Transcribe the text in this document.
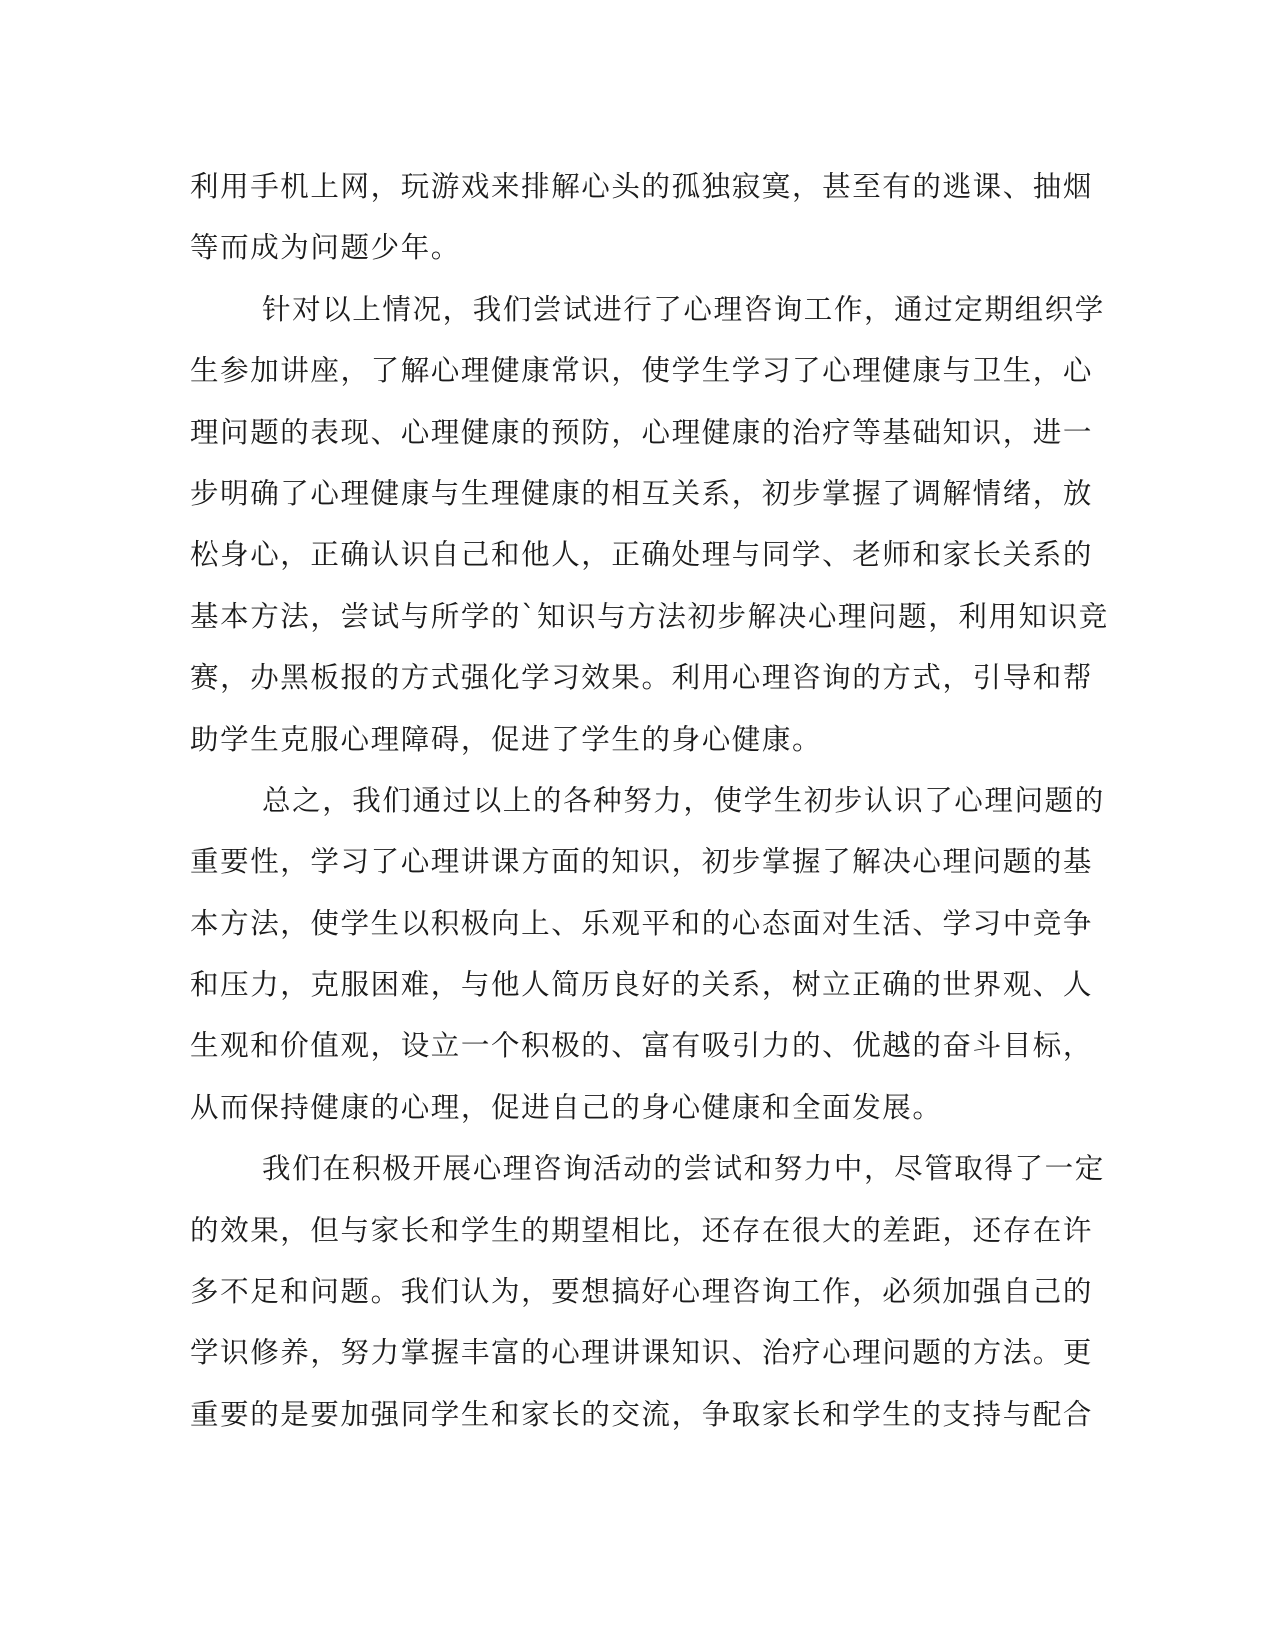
利用手机上网，玩游戏来排解心头的孤独寂寞，甚至有的逃课、抽烟
等而成为问题少年。
针对以上情况，我们尝试进行了心理咨询工作，通过定期组织学
生参加讲座，了解心理健康常识，使学生学习了心理健康与卫生，心
理问题的表现、心理健康的预防，心理健康的治疗等基础知识，进一
步明确了心理健康与生理健康的相互关系，初步掌握了调解情绪，放
松身心，正确认识自己和他人，正确处理与同学、老师和家长关系的
基本方法，尝试与所学的`知识与方法初步解决心理问题，利用知识竞
赛，办黑板报的方式强化学习效果。利用心理咨询的方式，引导和帮
助学生克服心理障碍，促进了学生的身心健康。
总之，我们通过以上的各种努力，使学生初步认识了心理问题的
重要性，学习了心理讲课方面的知识，初步掌握了解决心理问题的基
本方法，使学生以积极向上、乐观平和的心态面对生活、学习中竞争
和压力，克服困难，与他人简历良好的关系，树立正确的世界观、人
生观和价值观，设立一个积极的、富有吸引力的、优越的奋斗目标，
从而保持健康的心理，促进自己的身心健康和全面发展。
我们在积极开展心理咨询活动的尝试和努力中，尽管取得了一定
的效果，但与家长和学生的期望相比，还存在很大的差距，还存在许
多不足和问题。我们认为，要想搞好心理咨询工作，必须加强自己的
学识修养，努力掌握丰富的心理讲课知识、治疗心理问题的方法。更
重要的是要加强同学生和家长的交流，争取家长和学生的支持与配合
